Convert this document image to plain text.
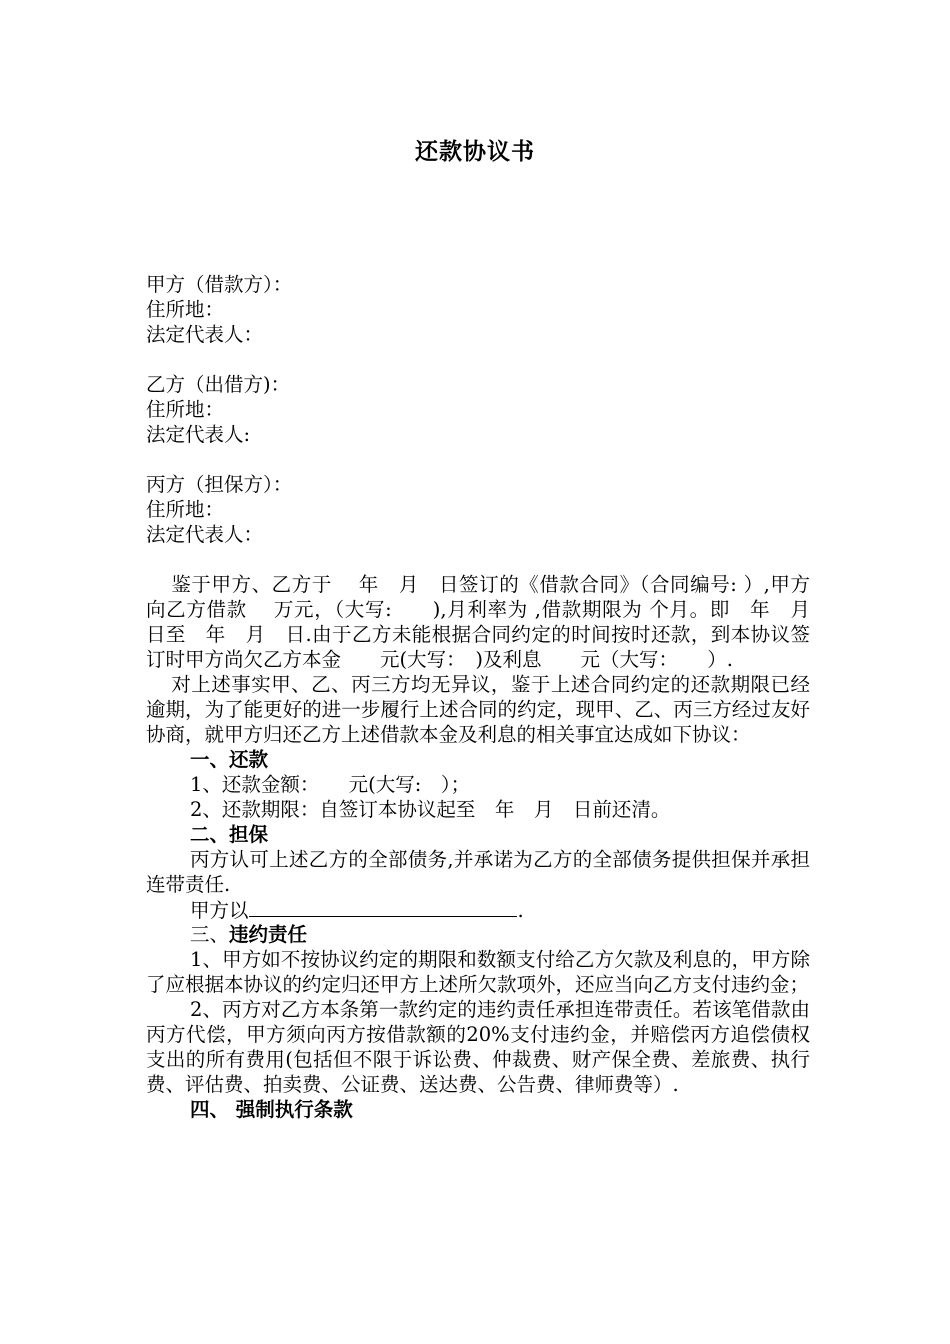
还款协议书
甲方（借款方）：
住所地：
法定代表人：
乙方（出借方)：
住所地：
法定代表人:
丙方（担保方）：
住所地：
法定代表人：
鉴于甲方、乙方于　 年　月　日签订的《借款合同》（合同编号: ）,甲方向乙方借款　 万元，（大写:　　),月利率为 ,借款期限为 个月。即　年　月　日至　年　月　日.由于乙方未能根据合同约定的时间按时还款，到本协议签订时甲方尚欠乙方本金　　元(大写：　)及利息　　元（大写：　　）.
对上述事实甲、乙、丙三方均无异议，鉴于上述合同约定的还款期限已经逾期，为了能更好的进一步履行上述合同的约定，现甲、乙、丙三方经过友好协商，就甲方归还乙方上述借款本金及利息的相关事宜达成如下协议：
一、还款
1、还款金额：　　元(大写:　）；
2、还款期限：自签订本协议起至　年　月　日前还清。
二、担保
丙方认可上述乙方的全部债务,并承诺为乙方的全部债务提供担保并承担连带责任.
甲方以	.
三、违约责任
1、甲方如不按协议约定的期限和数额支付给乙方欠款及利息的，甲方除了应根据本协议的约定归还甲方上述所欠款项外，还应当向乙方支付违约金；
2、丙方对乙方本条第一款约定的违约责任承担连带责任。若该笔借款由丙方代偿，甲方须向丙方按借款额的20%支付违约金，并赔偿丙方追偿债权支出的所有费用(包括但不限于诉讼费、仲裁费、财产保全费、差旅费、执行费、评估费、拍卖费、公证费、送达费、公告费、律师费等）.
四、 强制执行条款
